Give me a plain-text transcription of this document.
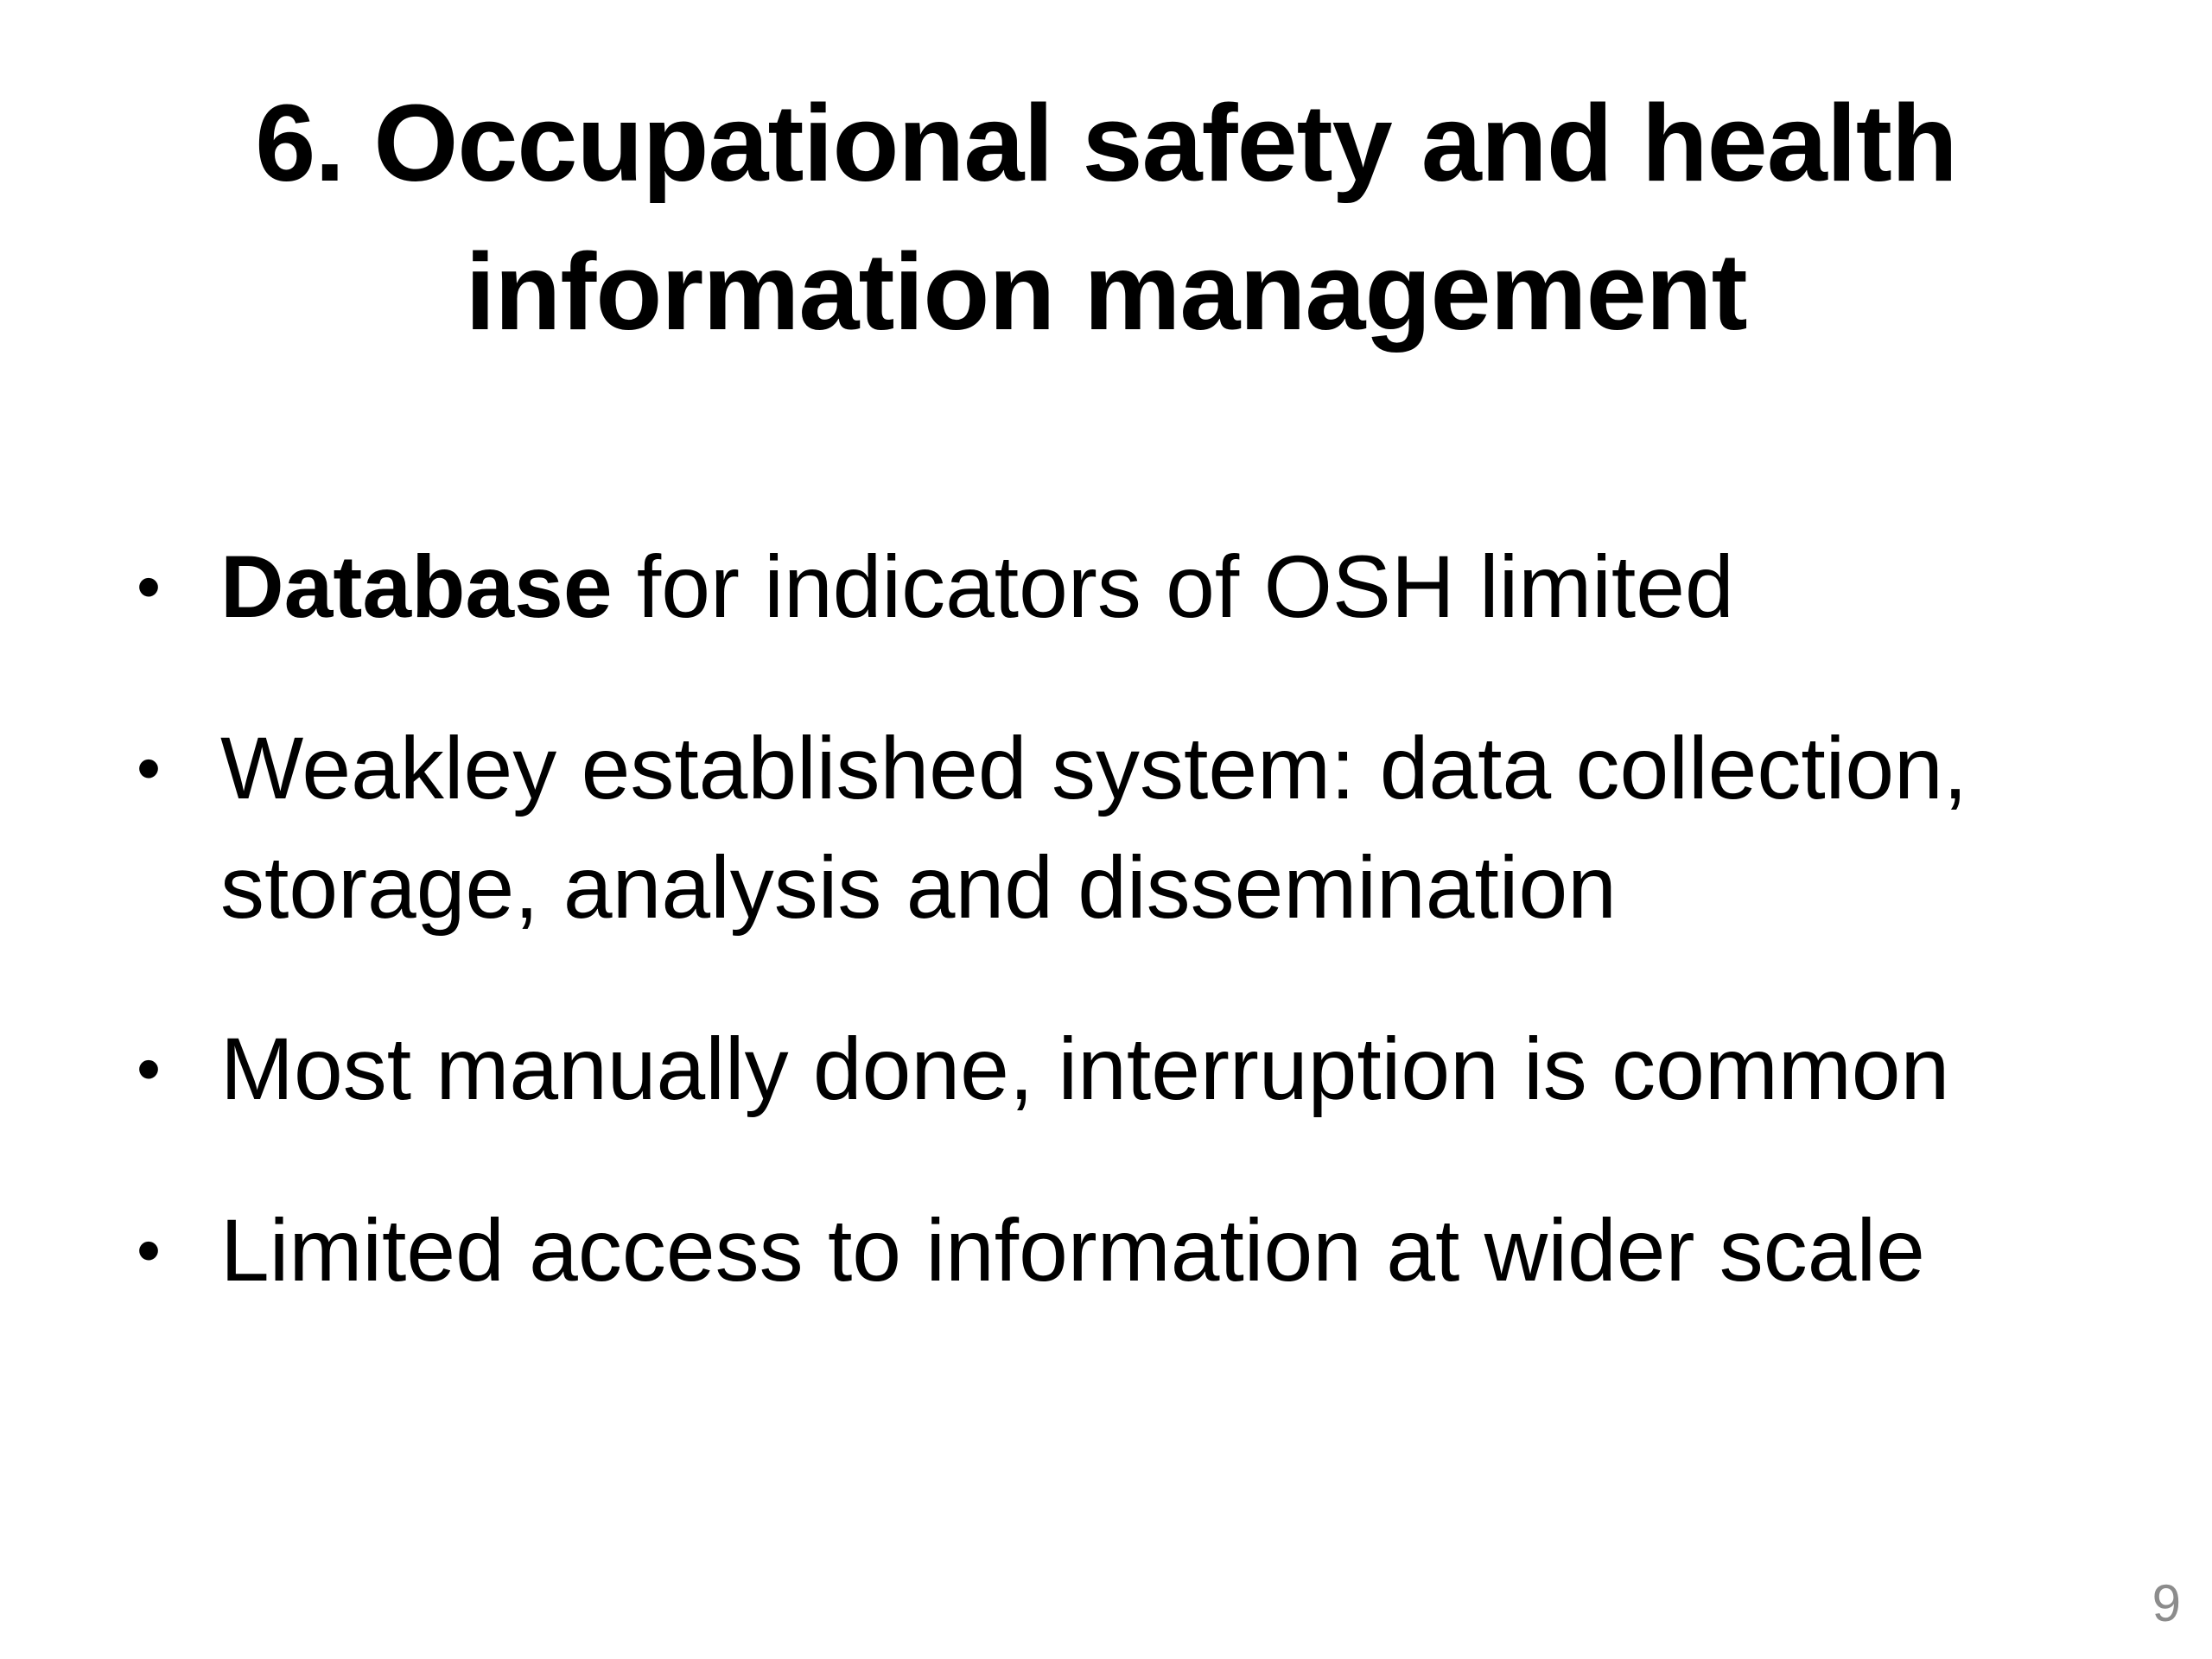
6. Occupational safety and health
information management
• Database for indicators of OSH limited
• Weakley established system: data collection, storage, analysis and dissemination
• Most manually done, interruption is common
• Limited access to information at wider scale
9
